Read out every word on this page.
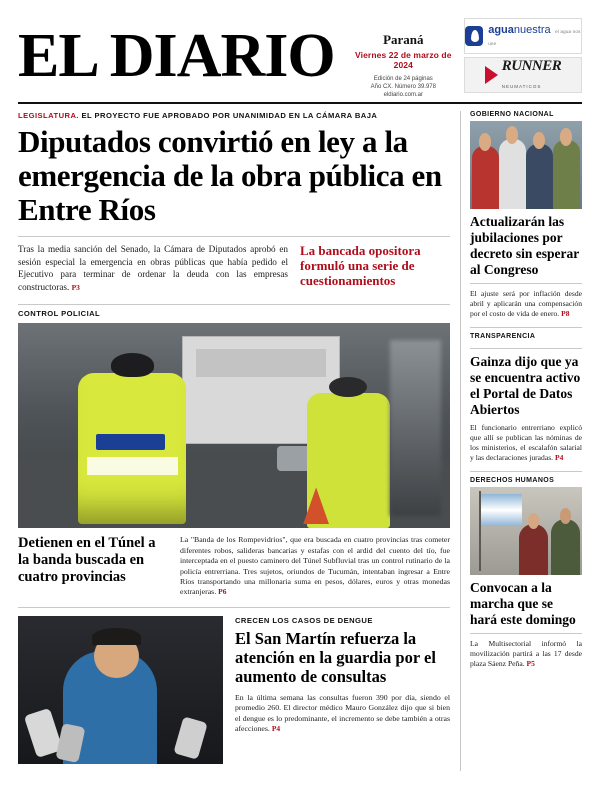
EL DIARIO	Paraná
Viernes 22 de marzo de 2024
Edición de 24 páginas
Año CX. Número 39.978
eldiario.com.ar
aguanuestra el agua nos une
RUNNER
NEUMATICOS
LEGISLATURA. EL PROYECTO FUE APROBADO POR UNANIMIDAD EN LA CÁMARA BAJA
Diputados convirtió en ley a la emergencia de la obra pública en Entre Ríos
Tras la media sanción del Senado, la Cámara de Diputados aprobó en sesión especial la emergencia en obras públicas que había pedido el Ejecutivo para terminar de ordenar la deuda con las empresas constructoras. P3
La bancada opositora formuló una serie de cuestionamientos
CONTROL POLICIAL
Detienen en el Túnel a la banda buscada en cuatro provincias
La "Banda de los Rompevidrios", que era buscada en cuatro provincias tras cometer diferentes robos, salideras bancarias y estafas con el ardid del cuento del tío, fue interceptada en el puesto caminero del Túnel Subfluvial tras un control rutinario de la policía entrerriana. Tres sujetos, oriundos de Tucumán, intentaban ingresar a Entre Ríos transportando una millonaria suma en pesos, dólares, euros y otras monedas extranjeras. P6
CRECEN LOS CASOS DE DENGUE
El San Martín refuerza la atención en la guardia por el aumento de consultas

En la última semana las consultas fueron 390 por día, siendo el promedio 260. El director médico Mauro González dijo que si bien el dengue es lo predominante, el incremento se debe también a otras afecciones. P4

GOBIERNO NACIONAL
Actualizarán las jubilaciones por decreto sin esperar al Congreso

El ajuste será por inflación desde abril y aplicarán una compensación por el costo de vida de enero. P8

TRANSPARENCIA
Gainza dijo que ya se encuentra activo el Portal de Datos Abiertos

El funcionario entrerriano explicó que allí se publican las nóminas de los ministerios, el escalafón salarial y las declaraciones juradas. P4

DERECHOS HUMANOS
Convocan a la marcha que se hará este domingo

La Multisectorial informó la movilización partirá a las 17 desde plaza Sáenz Peña. P5
